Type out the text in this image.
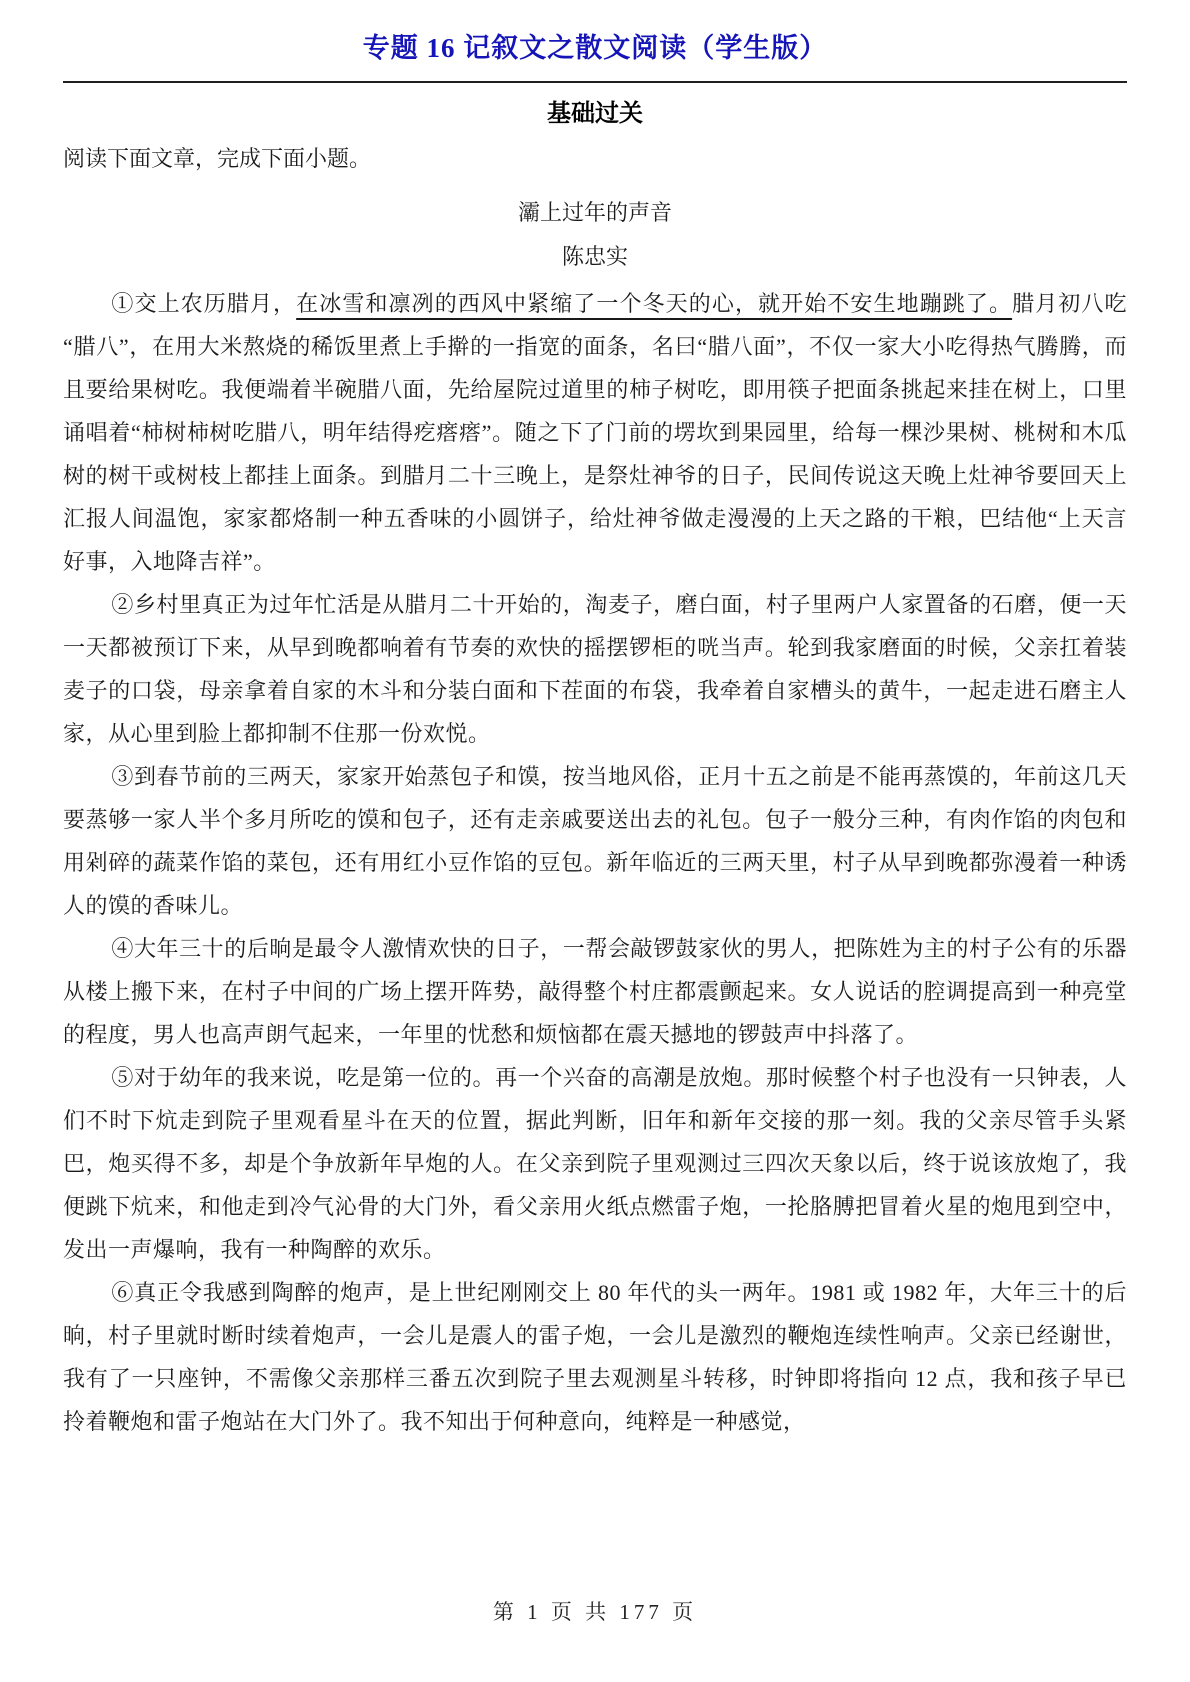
专题 16 记叙文之散文阅读（学生版）
基础过关

阅读下面文章，完成下面小题。

灞上过年的声音
陈忠实

①交上农历腊月，在冰雪和凛冽的西风中紧缩了一个冬天的心，就开始不安生地蹦跳了。腊月初八吃“腊八”，在用大米熬烧的稀饭里煮上手擀的一指宽的面条，名曰“腊八面”，不仅一家大小吃得热气腾腾，而且要给果树吃。我便端着半碗腊八面，先给屋院过道里的柿子树吃，即用筷子把面条挑起来挂在树上，口里诵唱着“柿树柿树吃腊八，明年结得疙瘩瘩”。随之下了门前的塄坎到果园里，给每一棵沙果树、桃树和木瓜树的树干或树枝上都挂上面条。到腊月二十三晚上，是祭灶神爷的日子，民间传说这天晚上灶神爷要回天上汇报人间温饱，家家都烙制一种五香味的小圆饼子，给灶神爷做走漫漫的上天之路的干粮，巴结他“上天言好事，入地降吉祥”。

②乡村里真正为过年忙活是从腊月二十开始的，淘麦子，磨白面，村子里两户人家置备的石磨，便一天一天都被预订下来，从早到晚都响着有节奏的欢快的摇摆锣柜的咣当声。轮到我家磨面的时候，父亲扛着装麦子的口袋，母亲拿着自家的木斗和分装白面和下茬面的布袋，我牵着自家槽头的黄牛，一起走进石磨主人家，从心里到脸上都抑制不住那一份欢悦。

③到春节前的三两天，家家开始蒸包子和馍，按当地风俗，正月十五之前是不能再蒸馍的，年前这几天要蒸够一家人半个多月所吃的馍和包子，还有走亲戚要送出去的礼包。包子一般分三种，有肉作馅的肉包和用剁碎的蔬菜作馅的菜包，还有用红小豆作馅的豆包。新年临近的三两天里，村子从早到晚都弥漫着一种诱人的馍的香味儿。

④大年三十的后晌是最令人激情欢快的日子，一帮会敲锣鼓家伙的男人，把陈姓为主的村子公有的乐器从楼上搬下来，在村子中间的广场上摆开阵势，敲得整个村庄都震颤起来。女人说话的腔调提高到一种亮堂的程度，男人也高声朗气起来，一年里的忧愁和烦恼都在震天撼地的锣鼓声中抖落了。

⑤对于幼年的我来说，吃是第一位的。再一个兴奋的高潮是放炮。那时候整个村子也没有一只钟表，人们不时下炕走到院子里观看星斗在天的位置，据此判断，旧年和新年交接的那一刻。我的父亲尽管手头紧巴，炮买得不多，却是个争放新年早炮的人。在父亲到院子里观测过三四次天象以后，终于说该放炮了，我便跳下炕来，和他走到冷气沁骨的大门外，看父亲用火纸点燃雷子炮，一抡胳膊把冒着火星的炮甩到空中，发出一声爆响，我有一种陶醉的欢乐。

⑥真正令我感到陶醉的炮声，是上世纪刚刚交上 80 年代的头一两年。1981 或 1982 年，大年三十的后晌，村子里就时断时续着炮声，一会儿是震人的雷子炮，一会儿是激烈的鞭炮连续性响声。父亲已经谢世，我有了一只座钟，不需像父亲那样三番五次到院子里去观测星斗转移，时钟即将指向 12 点，我和孩子早已拎着鞭炮和雷子炮站在大门外了。我不知出于何种意向，纯粹是一种感觉，

第 1 页 共 177 页
